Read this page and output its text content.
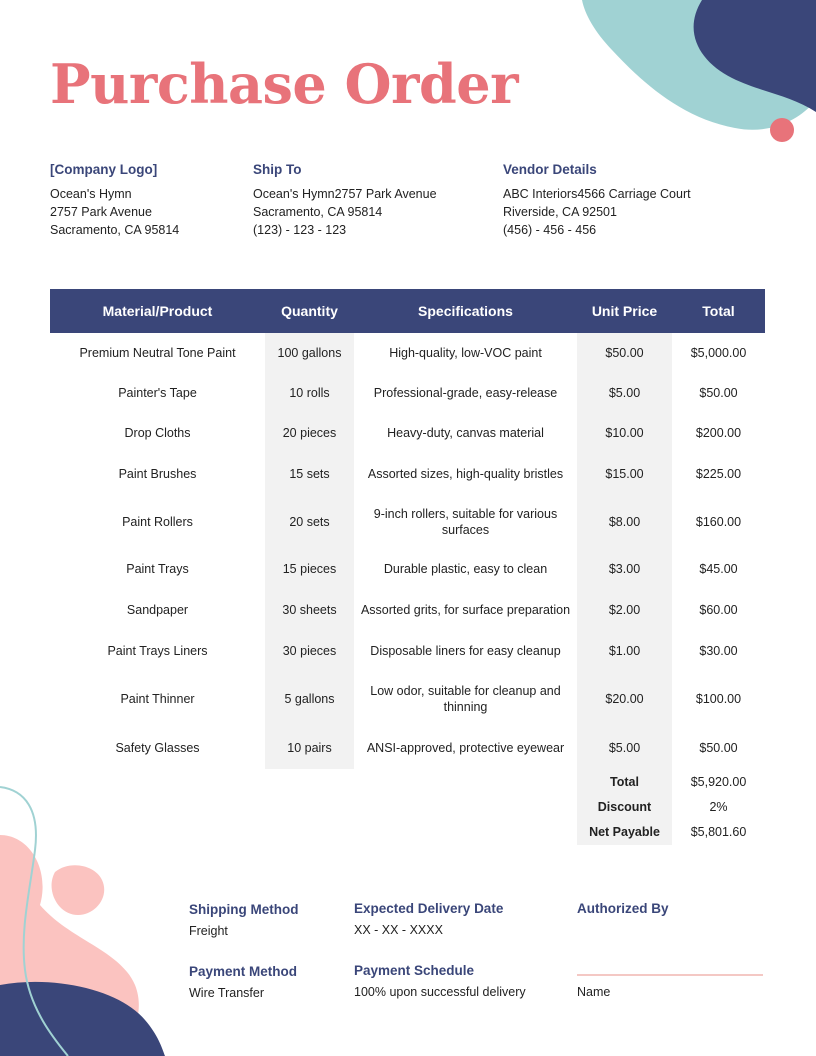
Purchase Order
[Company Logo]
Ocean's Hymn
2757 Park Avenue
Sacramento, CA 95814
Ship To
Ocean's Hymn2757 Park Avenue
Sacramento, CA 95814
(123) - 123 - 123
Vendor Details
ABC Interiors4566 Carriage Court
Riverside, CA 92501
(456) - 456 - 456
Material/Product	Quantity	Specifications	Unit Price	Total
Premium Neutral Tone Paint	100 gallons	High-quality, low-VOC paint	$50.00	$5,000.00
Painter's Tape	10 rolls	Professional-grade, easy-release	$5.00	$50.00
Drop Cloths	20 pieces	Heavy-duty, canvas material	$10.00	$200.00
Paint Brushes	15 sets	Assorted sizes, high-quality bristles	$15.00	$225.00
Paint Rollers	20 sets	9-inch rollers, suitable for various surfaces	$8.00	$160.00
Paint Trays	15 pieces	Durable plastic, easy to clean	$3.00	$45.00
Sandpaper	30 sheets	Assorted grits, for surface preparation	$2.00	$60.00
Paint Trays Liners	30 pieces	Disposable liners for easy cleanup	$1.00	$30.00
Paint Thinner	5 gallons	Low odor, suitable for cleanup and thinning	$20.00	$100.00
Safety Glasses	10 pairs	ANSI-approved, protective eyewear	$5.00	$50.00
			Total	$5,920.00
			Discount	2%
			Net Payable	$5,801.60
Shipping Method
Freight
Payment Method
Wire Transfer
Expected Delivery Date
XX - XX - XXXX
Payment Schedule
100% upon successful delivery
Authorized By
Name
